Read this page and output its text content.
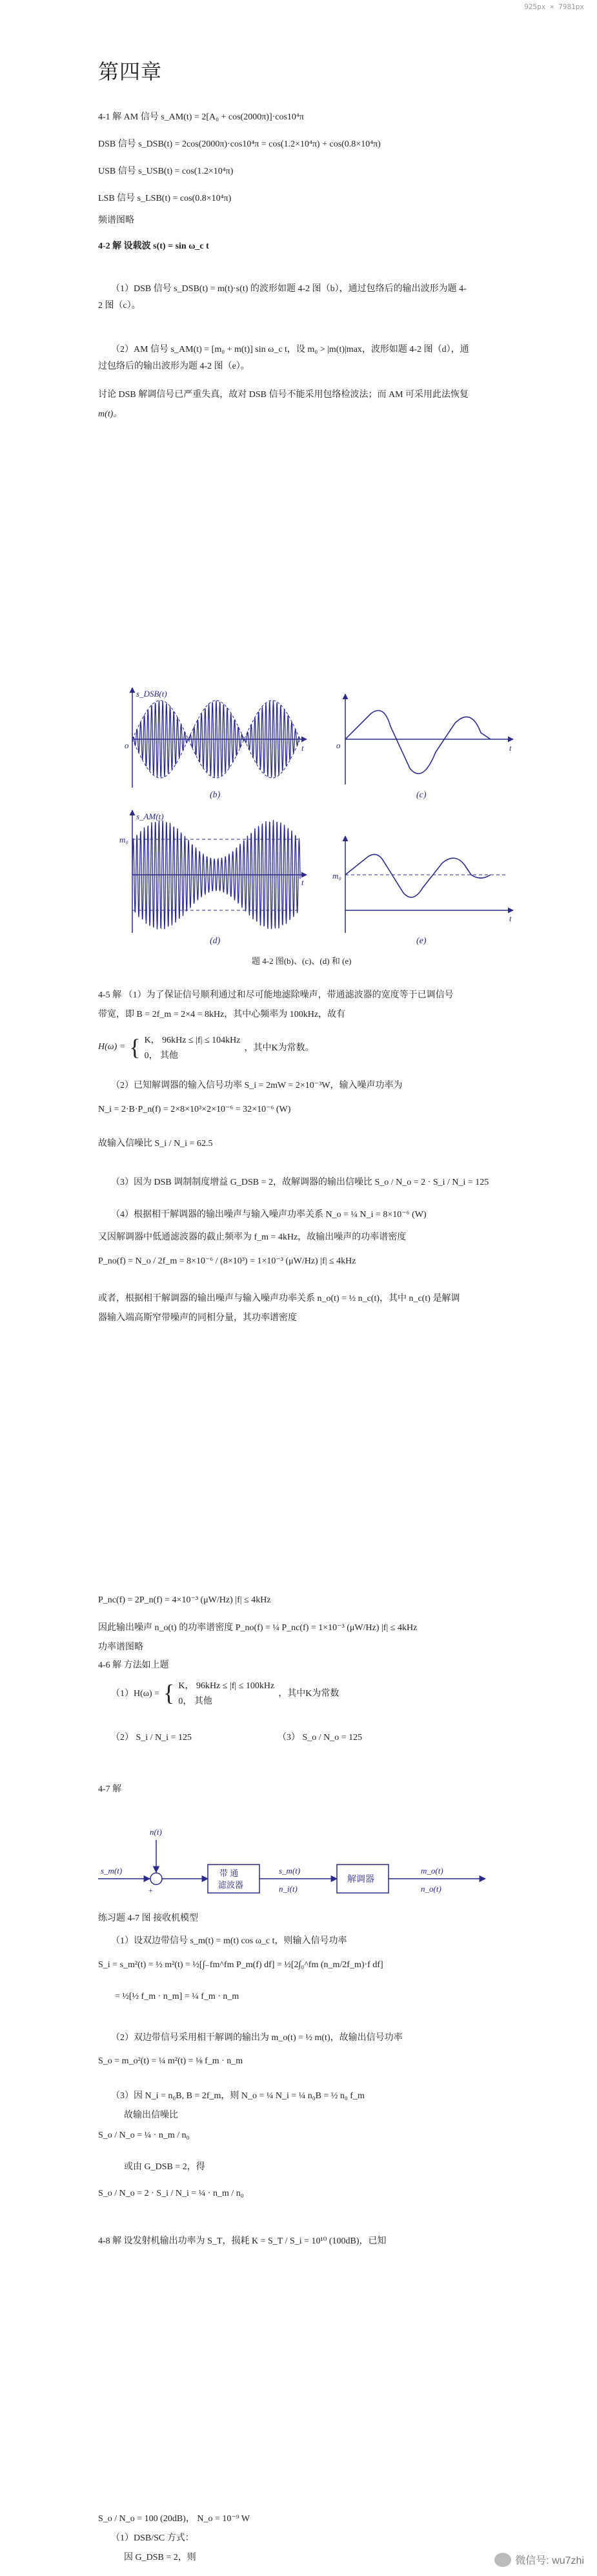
925px × 7981px
第四章
4-1 解 AM 信号 s_AM(t) = 2[A₀ + cos(2000π)]·cos10⁴π
DSB 信号 s_DSB(t) = 2cos(2000π)·cos10⁴π = cos(1.2×10⁴π) + cos(0.8×10⁴π)
USB 信号 s_USB(t) = cos(1.2×10⁴π)
LSB 信号 s_LSB(t) = cos(0.8×10⁴π)
频谱图略
4-2 解 设载波 s(t) = sin ω_c t
（1）DSB 信号 s_DSB(t) = m(t)·s(t) 的波形如题 4-2 图（b），通过包络后的输出波形为题 4-
2 图（c）。
（2）AM 信号 s_AM(t) = [m₀ + m(t)] sin ω_c t，设 m₀ > |m(t)|max，波形如题 4-2 图（d），通
过包络后的输出波形为题 4-2 图（e）。
讨论 DSB 解调信号已严重失真，故对 DSB 信号不能采用包络检波法；而 AM 可采用此法恢复
m(t)。
s_DSB(t)
o	t
(b)
o	t
(c)
s_AM(t)
m₀
t
(d)
m₀
t
(e)
题 4-2 图(b)、(c)、(d) 和 (e)
4-5 解 （1）为了保证信号顺利通过和尽可能地滤除噪声，带通滤波器的宽度等于已调信号
带宽，即 B = 2f_m = 2×4 = 8kHz，其中心频率为 100kHz，故有
H(ω) = { K， 96kHz ≤ |f| ≤ 104kHz
0， 其他
，其中K为常数。
（2）已知解调器的输入信号功率 S_i = 2mW = 2×10⁻³W，输入噪声功率为
N_i = 2·B·P_n(f) = 2×8×10³×2×10⁻⁶ = 32×10⁻⁶ (W)
故输入信噪比 S_i / N_i = 62.5
（3）因为 DSB 调制制度增益 G_DSB = 2，故解调器的输出信噪比 S_o / N_o = 2 · S_i / N_i = 125
（4）根据相干解调器的输出噪声与输入噪声功率关系 N_o = ¼ N_i = 8×10⁻⁶ (W)
又因解调器中低通滤波器的截止频率为 f_m = 4kHz，故输出噪声的功率谱密度
P_no(f) = N_o / 2f_m = 8×10⁻⁶ / (8×10³) = 1×10⁻³ (μW/Hz) |f| ≤ 4kHz
或者，根据相干解调器的输出噪声与输入噪声功率关系 n_o(t) = ½ n_c(t)，其中 n_c(t) 是解调
器输入端高斯窄带噪声的同相分量，其功率谱密度
P_nc(f) = 2P_n(f) = 4×10⁻³ (μW/Hz) |f| ≤ 4kHz
因此输出噪声 n_o(t) 的功率谱密度 P_no(f) = ¼ P_nc(f) = 1×10⁻³ (μW/Hz) |f| ≤ 4kHz
功率谱图略
4-6 解 方法如上题
（1）H(ω) = { K， 96kHz ≤ |f| ≤ 100kHz
0， 其他
，其中K为常数
（2） S_i / N_i = 125	（3） S_o / N_o = 125
4-7 解
s_m(t)
n(t)
+
带 通
滤波器
s_m(t)
n_i(t)
解调器
m_o(t)
n_o(t)
练习题 4-7 图 接收机模型
（1）设双边带信号 s_m(t) = m(t) cos ω_c t，则输入信号功率
S_i = s_m²(t) = ½ m²(t) = ½[∫₋fm^fm P_m(f) df] = ½[2∫₀^fm (n_m/2f_m)·f df]
= ½[½ f_m · n_m] = ¼ f_m · n_m
（2）双边带信号采用相干解调的输出为 m_o(t) = ½ m(t)，故输出信号功率
S_o = m_o²(t) = ¼ m²(t) = ⅛ f_m · n_m
（3）因 N_i = n₀B, B = 2f_m，则 N_o = ¼ N_i = ¼ n₀B = ½ n₀ f_m
故输出信噪比
S_o / N_o = ¼ · n_m / n₀
或由 G_DSB = 2，得
S_o / N_o = 2 · S_i / N_i = ¼ · n_m / n₀
4-8 解 设发射机输出功率为 S_T，损耗 K = S_T / S_i = 10¹⁰ (100dB)，已知
S_o / N_o = 100 (20dB)， N_o = 10⁻⁹ W
（1）DSB/SC 方式：
因 G_DSB = 2，则	微信号: wu7zhi
